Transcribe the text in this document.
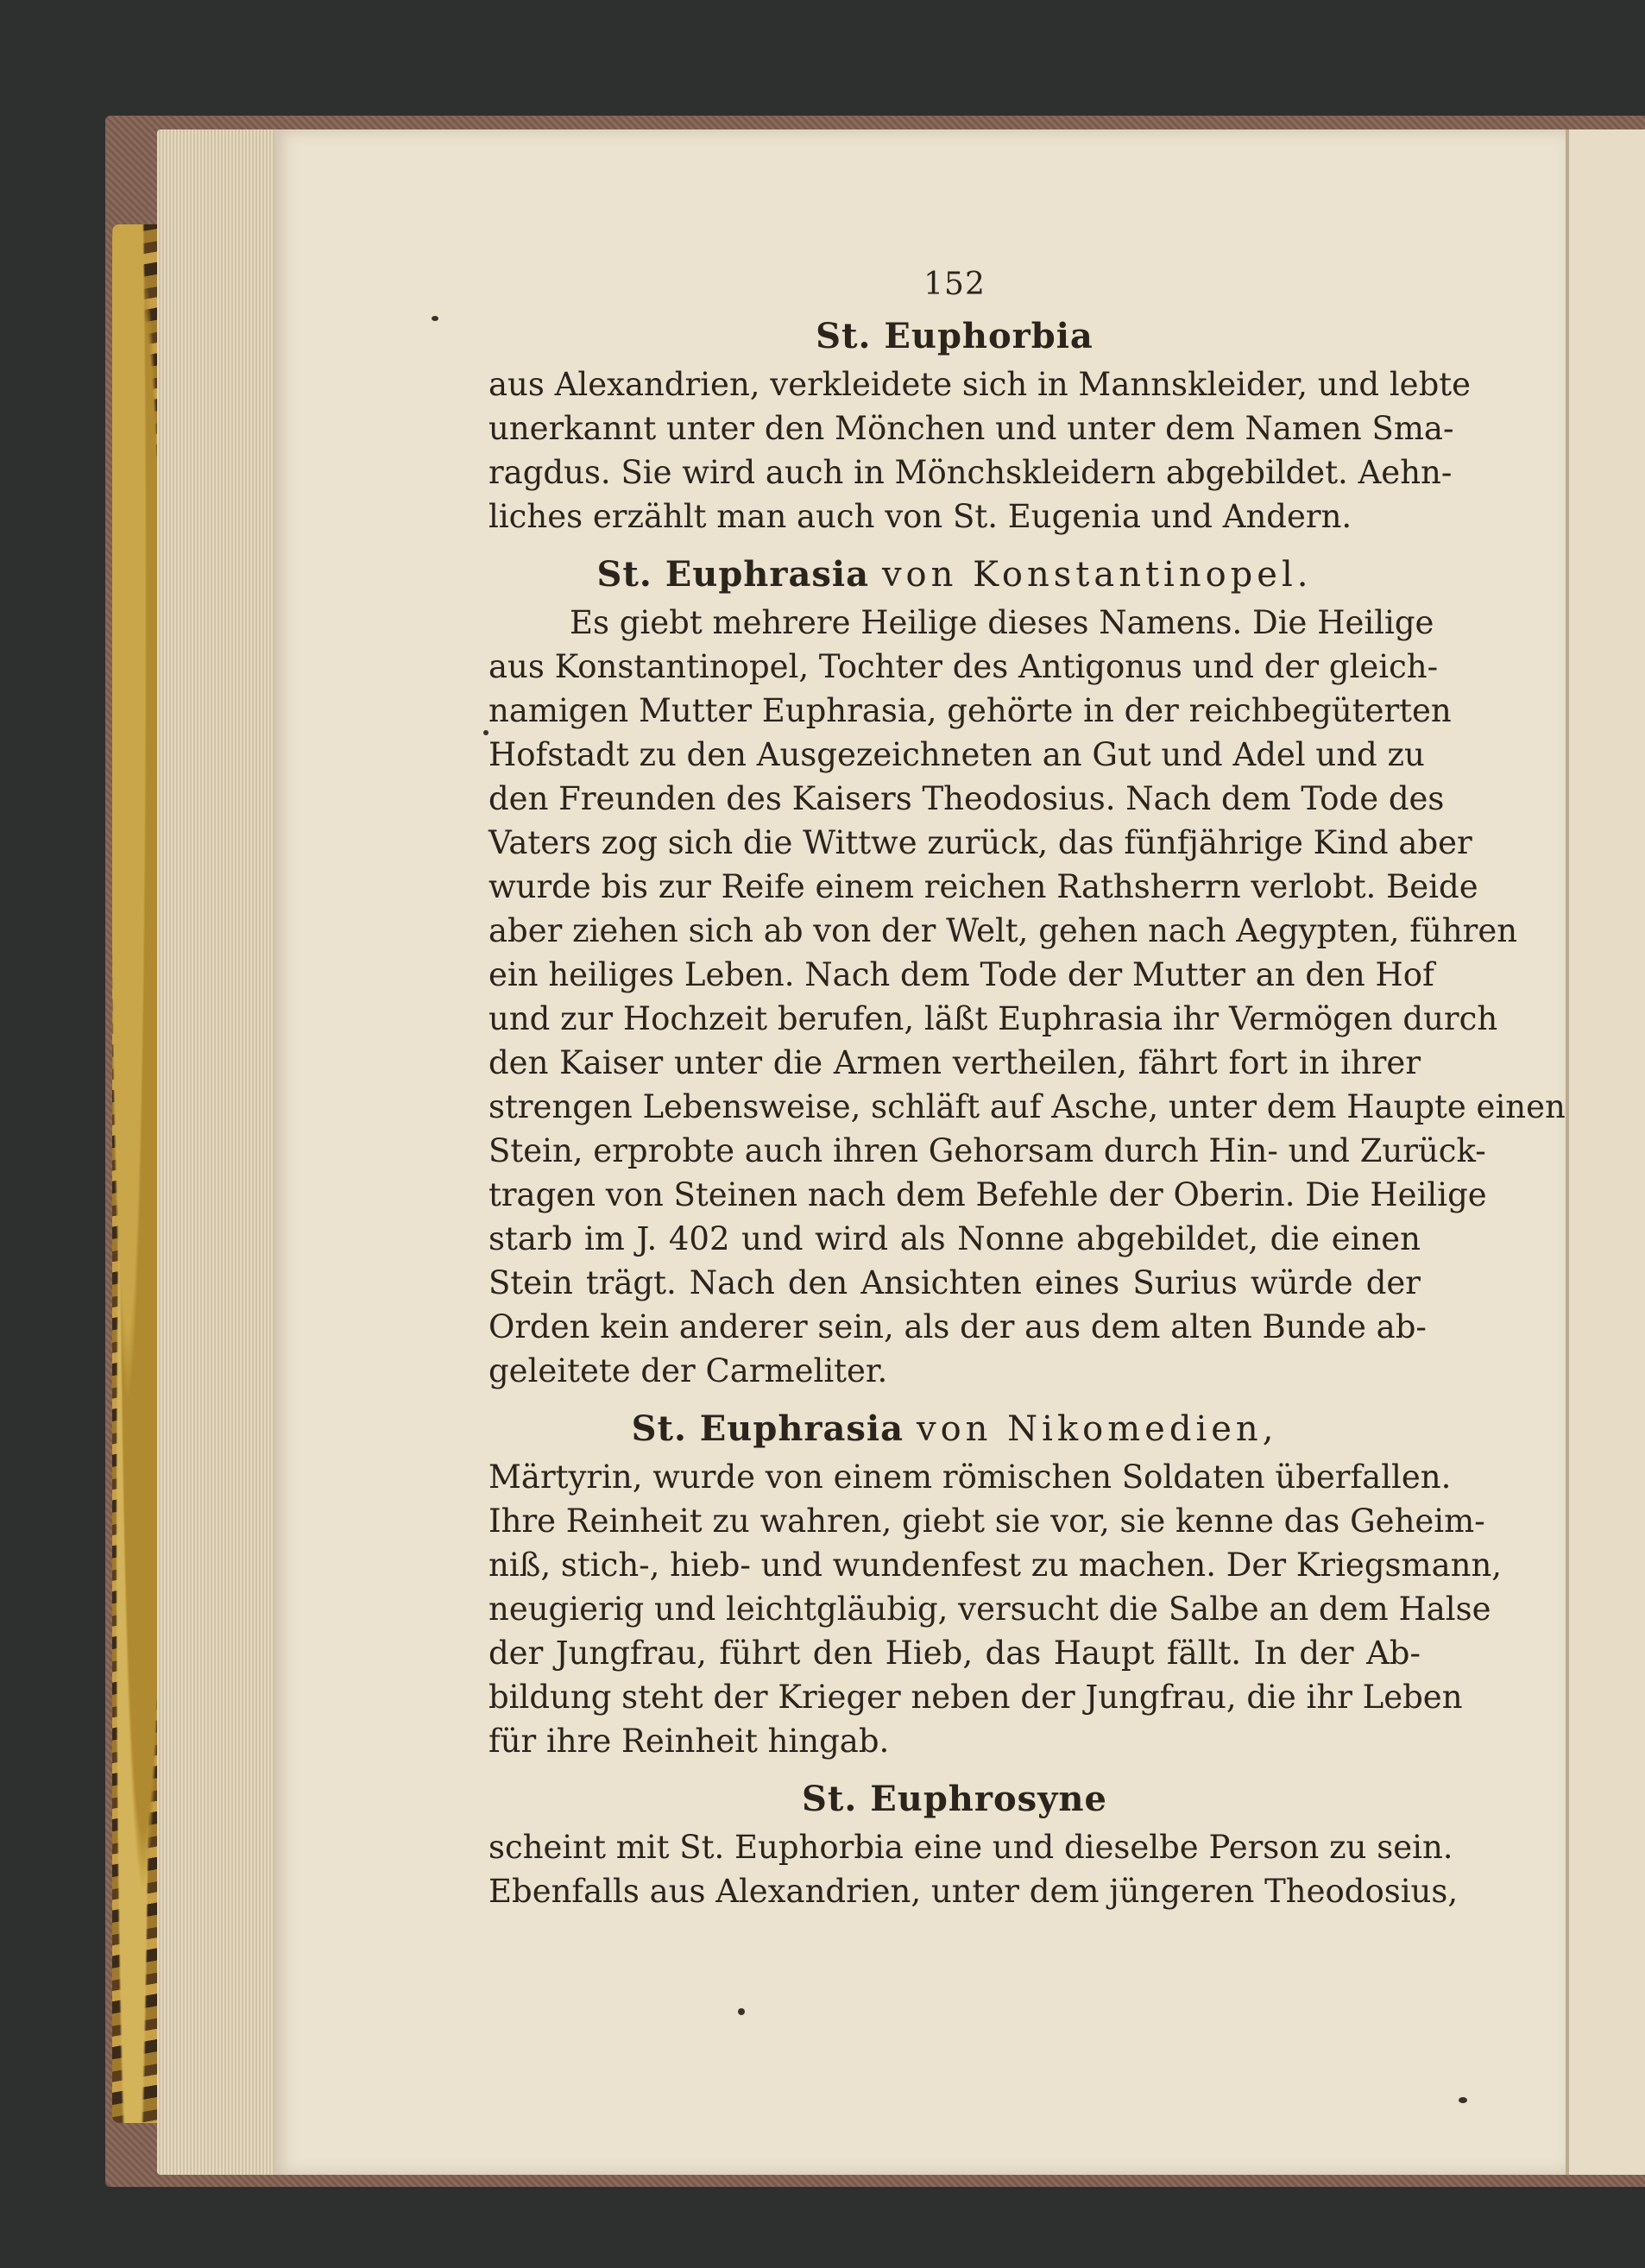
152
St. Euphorbia
aus Alexandrien, verkleidete sich in Mannskleider, und lebte
unerkannt unter den Mönchen und unter dem Namen Sma-
ragdus. Sie wird auch in Mönchskleidern abgebildet. Aehn-
liches erzählt man auch von St. Eugenia und Andern.
St. Euphrasia von Konstantinopel.
Es giebt mehrere Heilige dieses Namens. Die Heilige
aus Konstantinopel, Tochter des Antigonus und der gleich-
namigen Mutter Euphrasia, gehörte in der reichbegüterten
Hofstadt zu den Ausgezeichneten an Gut und Adel und zu
den Freunden des Kaisers Theodosius. Nach dem Tode des
Vaters zog sich die Wittwe zurück, das fünfjährige Kind aber
wurde bis zur Reife einem reichen Rathsherrn verlobt. Beide
aber ziehen sich ab von der Welt, gehen nach Aegypten, führen
ein heiliges Leben. Nach dem Tode der Mutter an den Hof
und zur Hochzeit berufen, läßt Euphrasia ihr Vermögen durch
den Kaiser unter die Armen vertheilen, fährt fort in ihrer
strengen Lebensweise, schläft auf Asche, unter dem Haupte einen
Stein, erprobte auch ihren Gehorsam durch Hin- und Zurück-
tragen von Steinen nach dem Befehle der Oberin. Die Heilige
starb im J. 402 und wird als Nonne abgebildet, die einen
Stein trägt. Nach den Ansichten eines Surius würde der
Orden kein anderer sein, als der aus dem alten Bunde ab-
geleitete der Carmeliter.
St. Euphrasia von Nikomedien,
Märtyrin, wurde von einem römischen Soldaten überfallen.
Ihre Reinheit zu wahren, giebt sie vor, sie kenne das Geheim-
niß, stich-, hieb- und wundenfest zu machen. Der Kriegsmann,
neugierig und leichtgläubig, versucht die Salbe an dem Halse
der Jungfrau, führt den Hieb, das Haupt fällt. In der Ab-
bildung steht der Krieger neben der Jungfrau, die ihr Leben
für ihre Reinheit hingab.
St. Euphrosyne
scheint mit St. Euphorbia eine und dieselbe Person zu sein.
Ebenfalls aus Alexandrien, unter dem jüngeren Theodosius,
